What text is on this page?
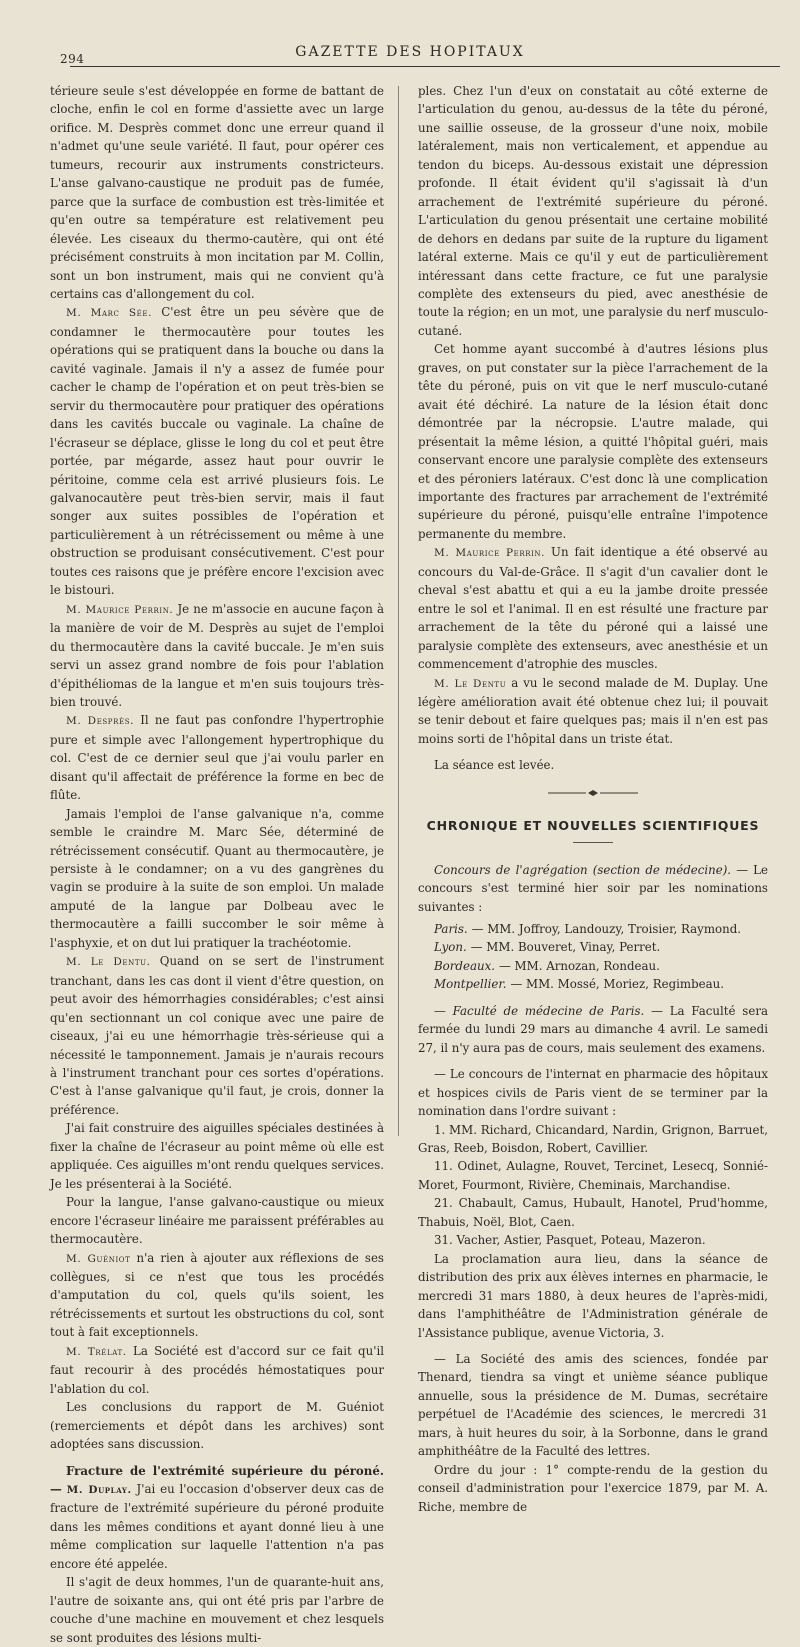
294	GAZETTE DES HOPITAUX

térieure seule s'est développée en forme de battant de cloche, enfin le col en forme d'assiette avec un large orifice. M. Desprès commet donc une erreur quand il n'admet qu'une seule variété. Il faut, pour opérer ces tumeurs, recourir aux instruments constricteurs. L'anse galvano-caustique ne produit pas de fumée, parce que la surface de combustion est très-limitée et qu'en outre sa température est relativement peu élevée. Les ciseaux du thermo-cautère, qui ont été précisément construits à mon incitation par M. Collin, sont un bon instrument, mais qui ne convient qu'à certains cas d'allongement du col.

M. Marc Sée. C'est être un peu sévère que de condamner le thermocautère pour toutes les opérations qui se pratiquent dans la bouche ou dans la cavité vaginale. Jamais il n'y a assez de fumée pour cacher le champ de l'opération et on peut très-bien se servir du thermocautère pour pratiquer des opérations dans les cavités buccale ou vaginale. La chaîne de l'écraseur se déplace, glisse le long du col et peut être portée, par mégarde, assez haut pour ouvrir le péritoine, comme cela est arrivé plusieurs fois. Le galvanocautère peut très-bien servir, mais il faut songer aux suites possibles de l'opération et particulièrement à un rétrécissement ou même à une obstruction se produisant consécutivement. C'est pour toutes ces raisons que je préfère encore l'excision avec le bistouri.

M. Maurice Perrin. Je ne m'associe en aucune façon à la manière de voir de M. Desprès au sujet de l'emploi du thermocautère dans la cavité buccale. Je m'en suis servi un assez grand nombre de fois pour l'ablation d'épithéliomas de la langue et m'en suis toujours très-bien trouvé.

M. Desprès. Il ne faut pas confondre l'hypertrophie pure et simple avec l'allongement hypertrophique du col. C'est de ce dernier seul que j'ai voulu parler en disant qu'il affectait de préférence la forme en bec de flûte.

Jamais l'emploi de l'anse galvanique n'a, comme semble le craindre M. Marc Sée, déterminé de rétrécissement consécutif. Quant au thermocautère, je persiste à le condamner; on a vu des gangrènes du vagin se produire à la suite de son emploi. Un malade amputé de la langue par Dolbeau avec le thermocautère a failli succomber le soir même à l'asphyxie, et on dut lui pratiquer la trachéotomie.

M. Le Dentu. Quand on se sert de l'instrument tranchant, dans les cas dont il vient d'être question, on peut avoir des hémorrhagies considérables; c'est ainsi qu'en sectionnant un col conique avec une paire de ciseaux, j'ai eu une hémorrhagie très-sérieuse qui a nécessité le tamponnement. Jamais je n'aurais recours à l'instrument tranchant pour ces sortes d'opérations. C'est à l'anse galvanique qu'il faut, je crois, donner la préférence.

J'ai fait construire des aiguilles spéciales destinées à fixer la chaîne de l'écraseur au point même où elle est appliquée. Ces aiguilles m'ont rendu quelques services. Je les présenterai à la Société.

Pour la langue, l'anse galvano-caustique ou mieux encore l'écraseur linéaire me paraissent préférables au thermocautère.

M. Guéniot n'a rien à ajouter aux réflexions de ses collègues, si ce n'est que tous les procédés d'amputation du col, quels qu'ils soient, les rétrécissements et surtout les obstructions du col, sont tout à fait exceptionnels.

M. Trélat. La Société est d'accord sur ce fait qu'il faut recourir à des procédés hémostatiques pour l'ablation du col.

Les conclusions du rapport de M. Guéniot (remerciements et dépôt dans les archives) sont adoptées sans discussion.

Fracture de l'extrémité supérieure du péroné. — M. Duplay. J'ai eu l'occasion d'observer deux cas de fracture de l'extrémité supérieure du péroné produite dans les mêmes conditions et ayant donné lieu à une même complication sur laquelle l'attention n'a pas encore été appelée.

Il s'agit de deux hommes, l'un de quarante-huit ans, l'autre de soixante ans, qui ont été pris par l'arbre de couche d'une machine en mouvement et chez lesquels se sont produites des lésions multi-

ples. Chez l'un d'eux on constatait au côté externe de l'articulation du genou, au-dessus de la tête du péroné, une saillie osseuse, de la grosseur d'une noix, mobile latéralement, mais non verticalement, et appendue au tendon du biceps. Au-dessous existait une dépression profonde. Il était évident qu'il s'agissait là d'un arrachement de l'extrémité supérieure du péroné. L'articulation du genou présentait une certaine mobilité de dehors en dedans par suite de la rupture du ligament latéral externe. Mais ce qu'il y eut de particulièrement intéressant dans cette fracture, ce fut une paralysie complète des extenseurs du pied, avec anesthésie de toute la région; en un mot, une paralysie du nerf musculo-cutané.

Cet homme ayant succombé à d'autres lésions plus graves, on put constater sur la pièce l'arrachement de la tête du péroné, puis on vit que le nerf musculo-cutané avait été déchiré. La nature de la lésion était donc démontrée par la nécropsie. L'autre malade, qui présentait la même lésion, a quitté l'hôpital guéri, mais conservant encore une paralysie complète des extenseurs et des péroniers latéraux. C'est donc là une complication importante des fractures par arrachement de l'extrémité supérieure du péroné, puisqu'elle entraîne l'impotence permanente du membre.

M. Maurice Perrin. Un fait identique a été observé au concours du Val-de-Grâce. Il s'agit d'un cavalier dont le cheval s'est abattu et qui a eu la jambe droite pressée entre le sol et l'animal. Il en est résulté une fracture par arrachement de la tête du péroné qui a laissé une paralysie complète des extenseurs, avec anesthésie et un commencement d'atrophie des muscles.

M. Le Dentu a vu le second malade de M. Duplay. Une légère amélioration avait été obtenue chez lui; il pouvait se tenir debout et faire quelques pas; mais il n'en est pas moins sorti de l'hôpital dans un triste état.

La séance est levée.

CHRONIQUE ET NOUVELLES SCIENTIFIQUES

Concours de l'agrégation (section de médecine). — Le concours s'est terminé hier soir par les nominations suivantes :

Paris. — MM. Joffroy, Landouzy, Troisier, Raymond.

Lyon. — MM. Bouveret, Vinay, Perret.

Bordeaux. — MM. Arnozan, Rondeau.

Montpellier. — MM. Mossé, Moriez, Regimbeau.

— Faculté de médecine de Paris. — La Faculté sera fermée du lundi 29 mars au dimanche 4 avril. Le samedi 27, il n'y aura pas de cours, mais seulement des examens.

— Le concours de l'internat en pharmacie des hôpitaux et hospices civils de Paris vient de se terminer par la nomination dans l'ordre suivant :

1. MM. Richard, Chicandard, Nardin, Grignon, Barruet, Gras, Reeb, Boisdon, Robert, Cavillier.

11. Odinet, Aulagne, Rouvet, Tercinet, Lesecq, Sonnié-Moret, Fourmont, Rivière, Cheminais, Marchandise.

21. Chabault, Camus, Hubault, Hanotel, Prud'homme, Thabuis, Noël, Blot, Caen.

31. Vacher, Astier, Pasquet, Poteau, Mazeron.

La proclamation aura lieu, dans la séance de distribution des prix aux élèves internes en pharmacie, le mercredi 31 mars 1880, à deux heures de l'après-midi, dans l'amphithéâtre de l'Administration générale de l'Assistance publique, avenue Victoria, 3.

— La Société des amis des sciences, fondée par Thenard, tiendra sa vingt et unième séance publique annuelle, sous la présidence de M. Dumas, secrétaire perpétuel de l'Académie des sciences, le mercredi 31 mars, à huit heures du soir, à la Sorbonne, dans le grand amphithéâtre de la Faculté des lettres.

Ordre du jour : 1° compte-rendu de la gestion du conseil d'administration pour l'exercice 1879, par M. A. Riche, membre de
